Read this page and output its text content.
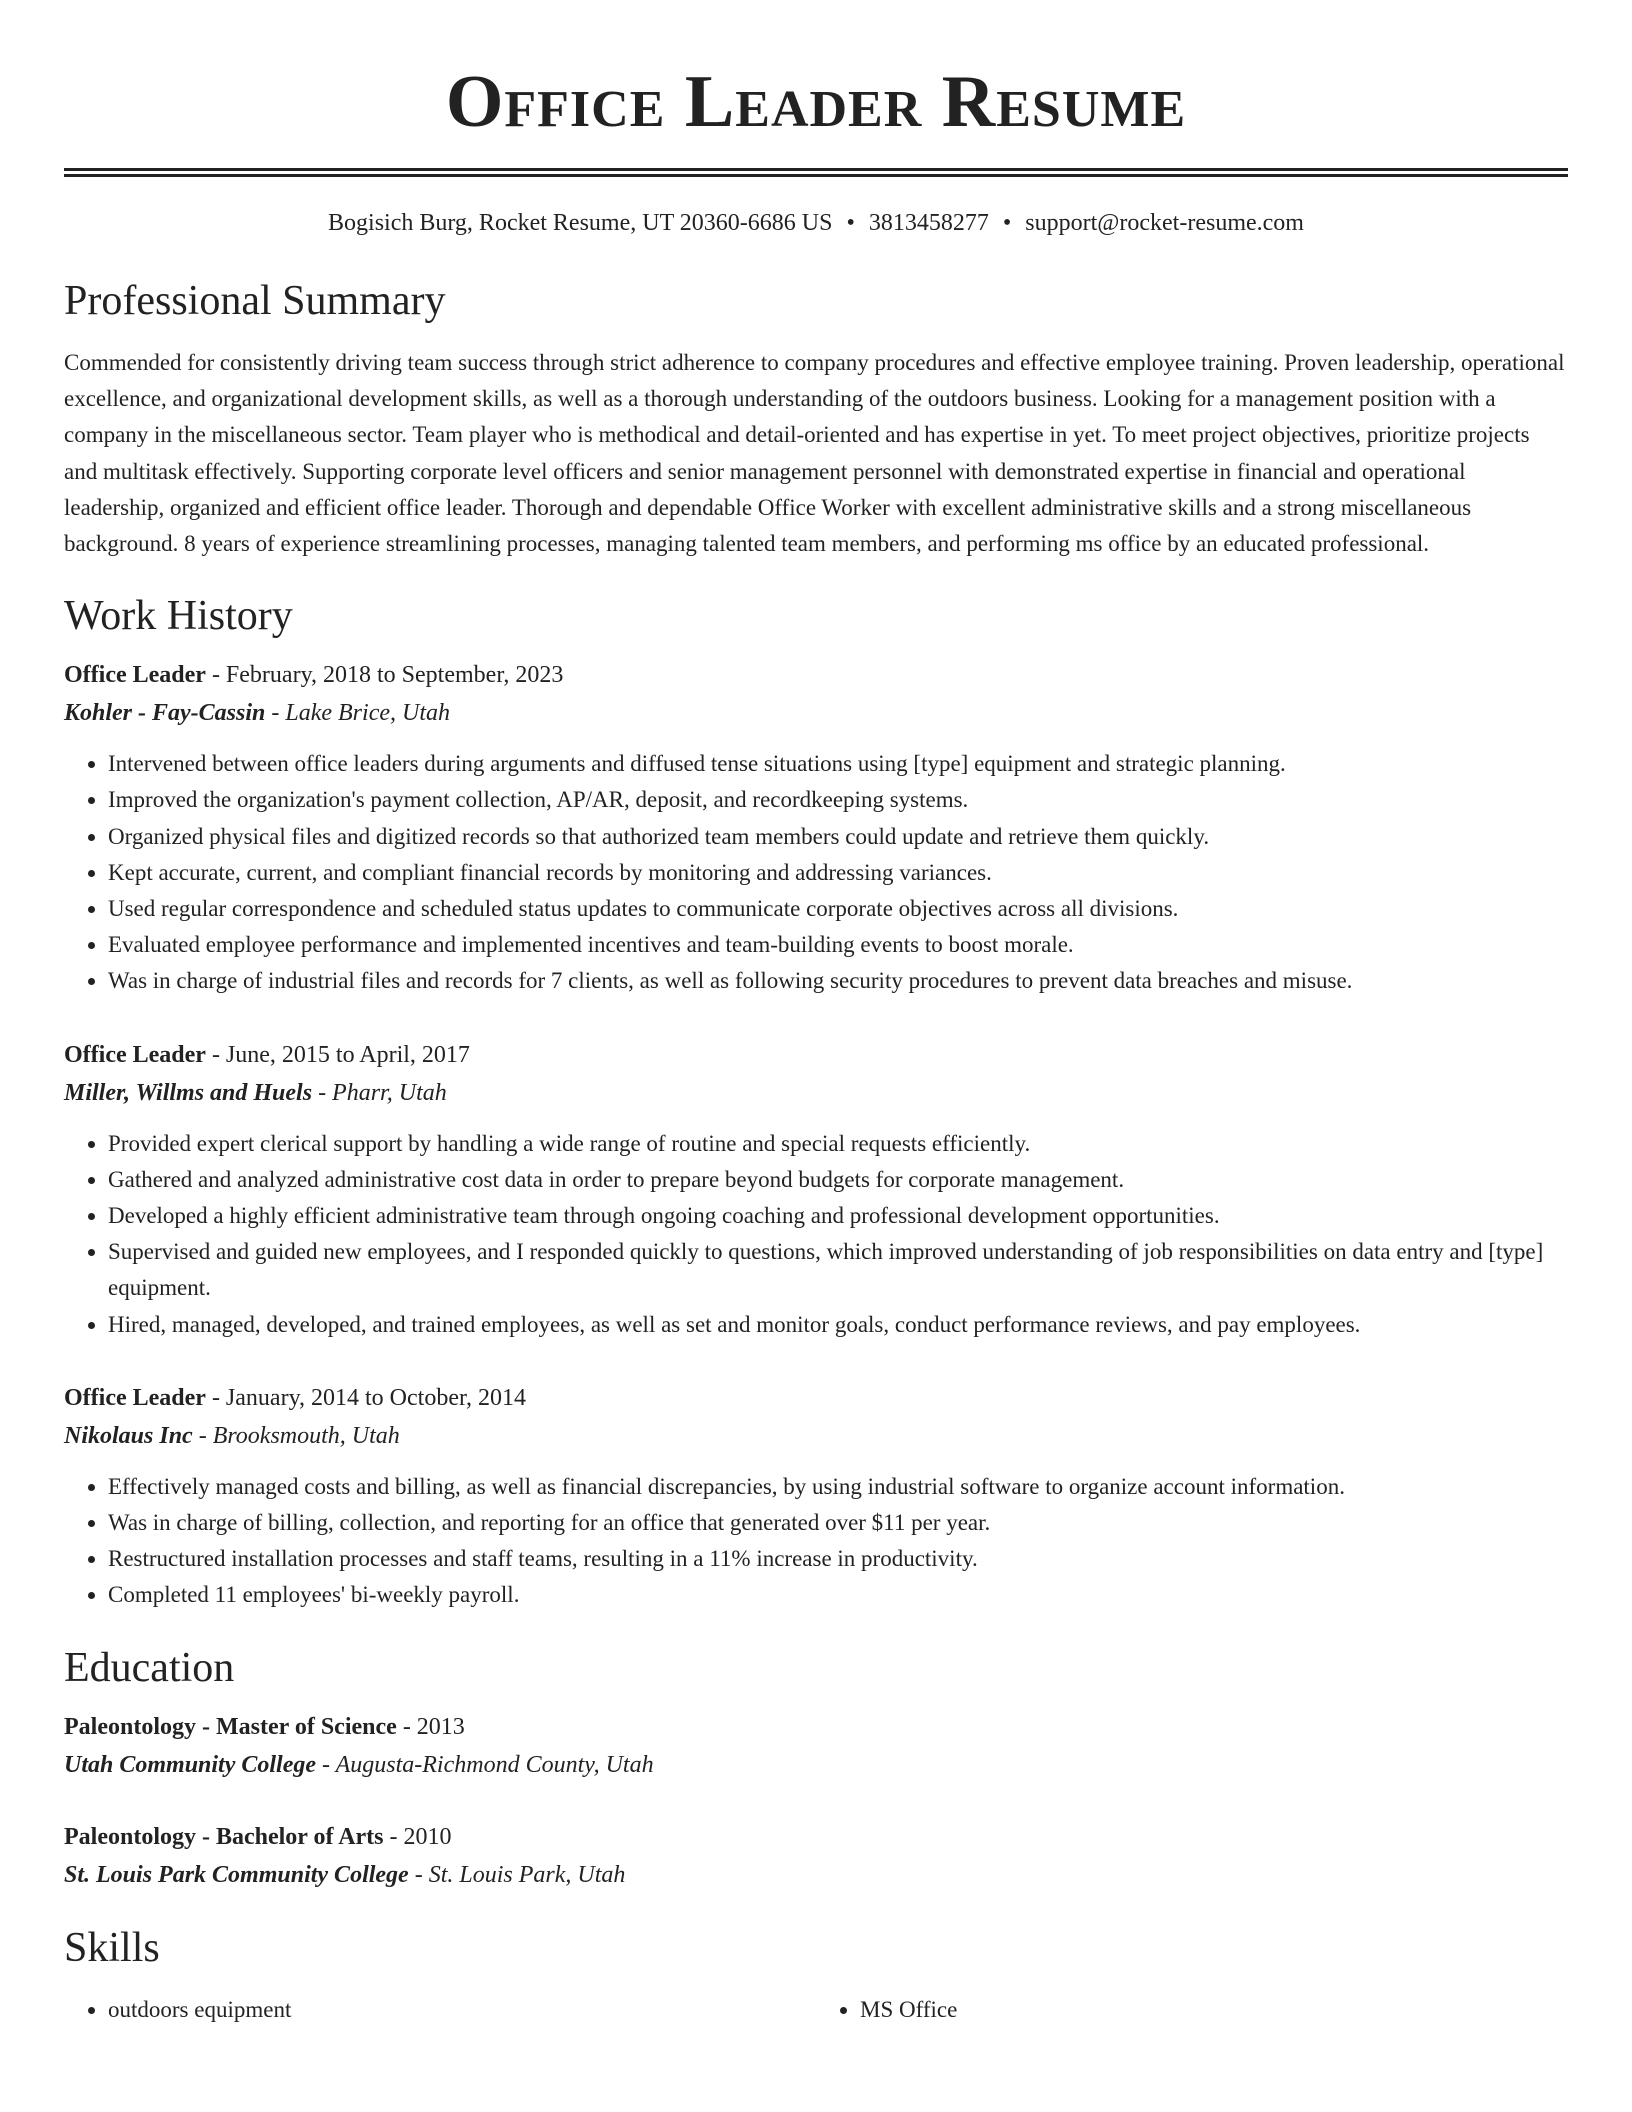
Office Leader Resume
Bogisich Burg, Rocket Resume, UT 20360-6686 US • 3813458277 • support@rocket-resume.com
Professional Summary

Commended for consistently driving team success through strict adherence to company procedures and effective employee training. Proven leadership, operational excellence, and organizational development skills, as well as a thorough understanding of the outdoors business. Looking for a management position with a company in the miscellaneous sector. Team player who is methodical and detail-oriented and has expertise in yet. To meet project objectives, prioritize projects and multitask effectively. Supporting corporate level officers and senior management personnel with demonstrated expertise in financial and operational leadership, organized and efficient office leader. Thorough and dependable Office Worker with excellent administrative skills and a strong miscellaneous background. 8 years of experience streamlining processes, managing talented team members, and performing ms office by an educated professional.

Work History
Office Leader - February, 2018 to September, 2023
Kohler - Fay-Cassin - Lake Brice, Utah
• Intervened between office leaders during arguments and diffused tense situations using [type] equipment and strategic planning.
• Improved the organization's payment collection, AP/AR, deposit, and recordkeeping systems.
• Organized physical files and digitized records so that authorized team members could update and retrieve them quickly.
• Kept accurate, current, and compliant financial records by monitoring and addressing variances.
• Used regular correspondence and scheduled status updates to communicate corporate objectives across all divisions.
• Evaluated employee performance and implemented incentives and team-building events to boost morale.
• Was in charge of industrial files and records for 7 clients, as well as following security procedures to prevent data breaches and misuse.
Office Leader - June, 2015 to April, 2017
Miller, Willms and Huels - Pharr, Utah
• Provided expert clerical support by handling a wide range of routine and special requests efficiently.
• Gathered and analyzed administrative cost data in order to prepare beyond budgets for corporate management.
• Developed a highly efficient administrative team through ongoing coaching and professional development opportunities.
• Supervised and guided new employees, and I responded quickly to questions, which improved understanding of job responsibilities on data entry and [type] equipment.
• Hired, managed, developed, and trained employees, as well as set and monitor goals, conduct performance reviews, and pay employees.
Office Leader - January, 2014 to October, 2014
Nikolaus Inc - Brooksmouth, Utah
• Effectively managed costs and billing, as well as financial discrepancies, by using industrial software to organize account information.
• Was in charge of billing, collection, and reporting for an office that generated over $11 per year.
• Restructured installation processes and staff teams, resulting in a 11% increase in productivity.
• Completed 11 employees' bi-weekly payroll.
Education
Paleontology - Master of Science - 2013
Utah Community College - Augusta-Richmond County, Utah
Paleontology - Bachelor of Arts - 2010
St. Louis Park Community College - St. Louis Park, Utah
Skills
• outdoors equipment
•	MS Office
